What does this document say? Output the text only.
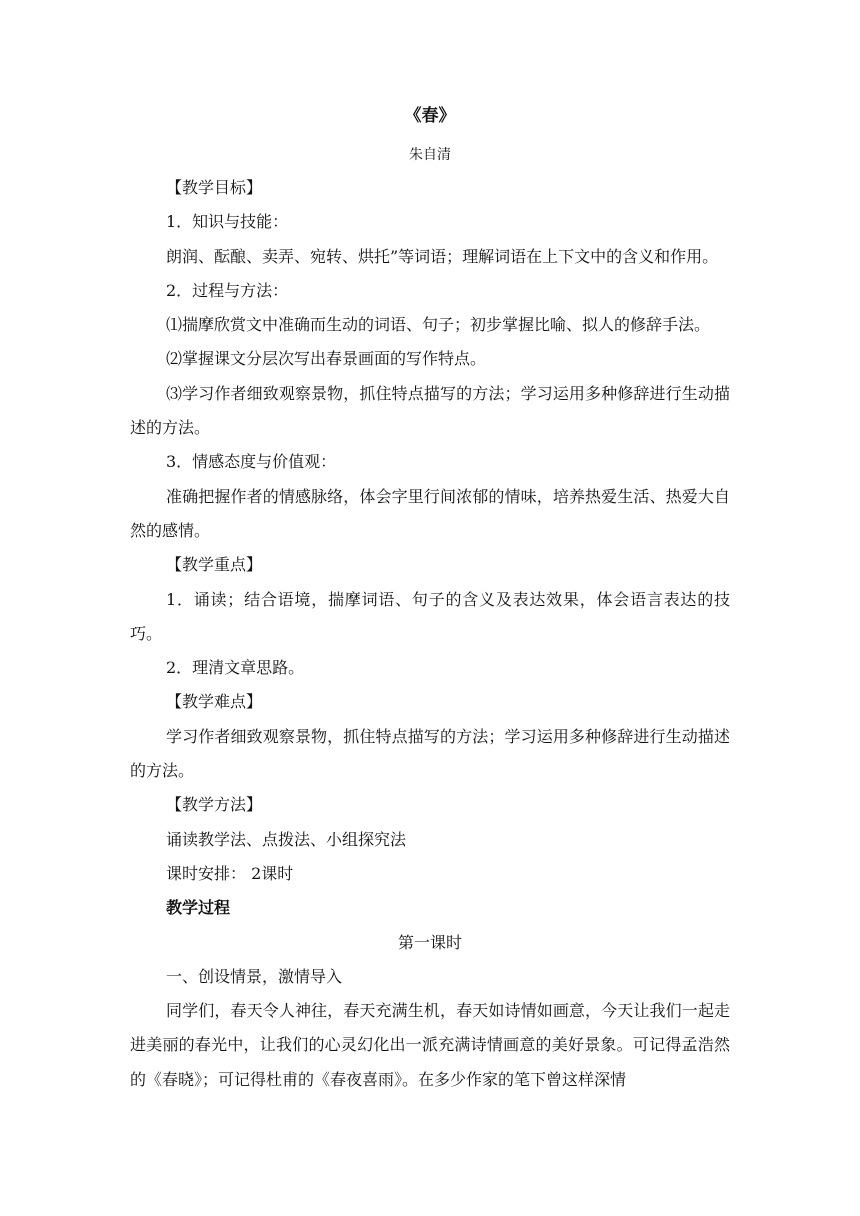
《春》
朱自清

【教学目标】

1．知识与技能：

朗润、酝酿、卖弄、宛转、烘托”等词语；理解词语在上下文中的含义和作用。

2．过程与方法：

⑴揣摩欣赏文中准确而生动的词语、句子；初步掌握比喻、拟人的修辞手法。

⑵掌握课文分层次写出春景画面的写作特点。

⑶学习作者细致观察景物，抓住特点描写的方法；学习运用多种修辞进行生动描述的方法。

3．情感态度与价值观：

准确把握作者的情感脉络，体会字里行间浓郁的情味，培养热爱生活、热爱大自然的感情。

【教学重点】

1．诵读；结合语境，揣摩词语、句子的含义及表达效果，体会语言表达的技巧。

2．理清文章思路。

【教学难点】

学习作者细致观察景物，抓住特点描写的方法；学习运用多种修辞进行生动描述的方法。

【教学方法】

诵读教学法、点拨法、小组探究法

课时安排： 2课时

教学过程

第一课时

一、创设情景，激情导入

同学们，春天令人神往，春天充满生机，春天如诗情如画意，今天让我们一起走进美丽的春光中，让我们的心灵幻化出一派充满诗情画意的美好景象。可记得孟浩然的《春晓》；可记得杜甫的《春夜喜雨》。在多少作家的笔下曾这样深情
